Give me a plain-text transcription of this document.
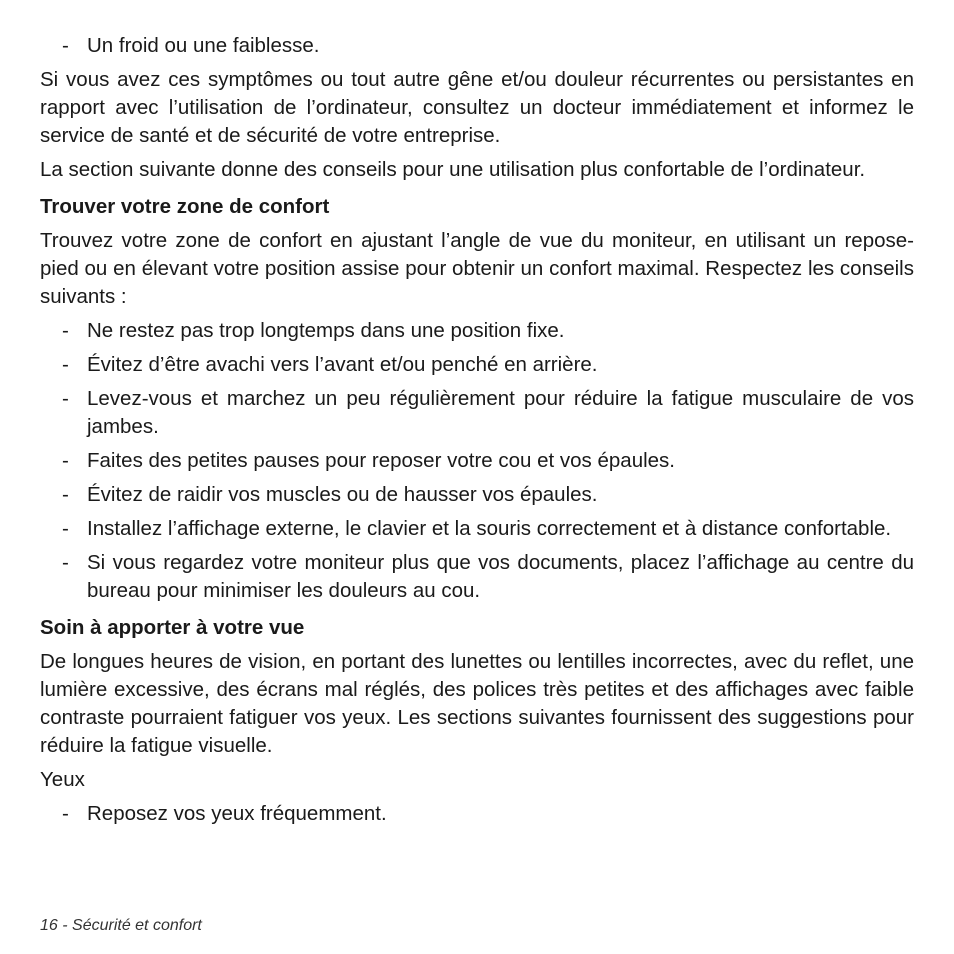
- Un froid ou une faiblesse.

Si vous avez ces symptômes ou tout autre gêne et/ou douleur récurrentes ou persistantes en rapport avec l’utilisation de l’ordinateur, consultez un docteur immédiatement et informez le service de santé et de sécurité de votre entreprise.

La section suivante donne des conseils pour une utilisation plus confortable de l’ordinateur.

Trouver votre zone de confort

Trouvez votre zone de confort en ajustant l’angle de vue du moniteur, en utilisant un repose-pied ou en élevant votre position assise pour obtenir un confort maximal. Respectez les conseils suivants :

- Ne restez pas trop longtemps dans une position fixe.
- Évitez d’être avachi vers l’avant et/ou penché en arrière.
- Levez-vous et marchez un peu régulièrement pour réduire la fatigue musculaire de vos jambes.
- Faites des petites pauses pour reposer votre cou et vos épaules.
- Évitez de raidir vos muscles ou de hausser vos épaules.
- Installez l’affichage externe, le clavier et la souris correctement et à distance confortable.
- Si vous regardez votre moniteur plus que vos documents, placez l’affichage au centre du bureau pour minimiser les douleurs au cou.
Soin à apporter à votre vue

De longues heures de vision, en portant des lunettes ou lentilles incorrectes, avec du reflet, une lumière excessive, des écrans mal réglés, des polices très petites et des affichages avec faible contraste pourraient fatiguer vos yeux. Les sections suivantes fournissent des suggestions pour réduire la fatigue visuelle.

Yeux

- Reposez vos yeux fréquemment.
16 - Sécurité et confort
